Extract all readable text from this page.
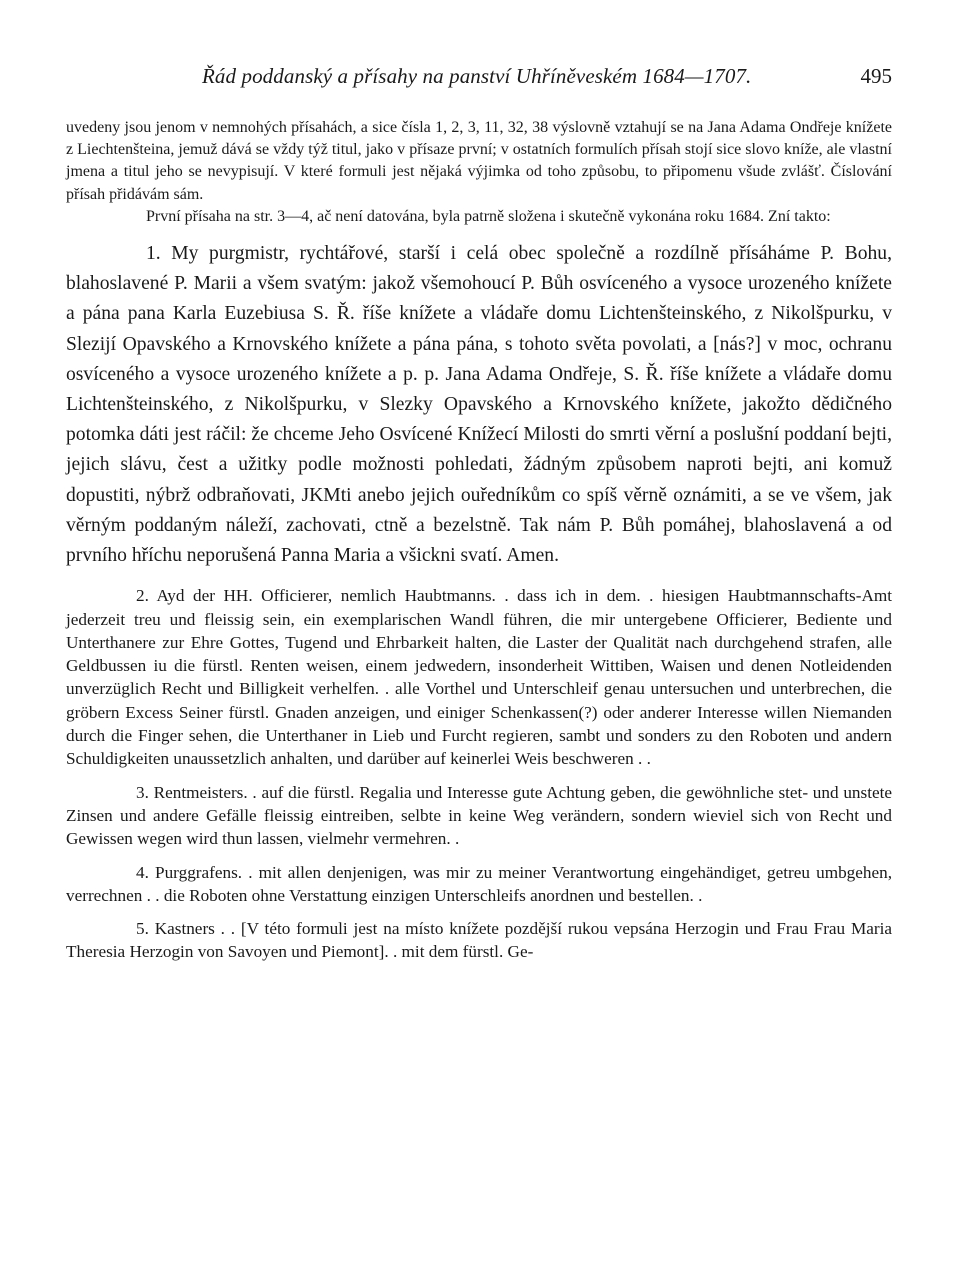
Řád poddanský a přísahy na panství Uhříněveském 1684—1707.	495

uvedeny jsou jenom v nemnohých přísahách, a sice čísla 1, 2, 3, 11, 32, 38 výslovně vztahují se na Jana Adama Ondřeje knížete z Liechtenšteina, jemuž dává se vždy týž titul, jako v přísaze první; v ostatních formulích přísah stojí sice slovo kníže, ale vlastní jmena a titul jeho se nevypisují. V které formuli jest nějaká výjimka od toho způsobu, to připomenu všude zvlášť. Číslování přísah přidávám sám.

První přísaha na str. 3—4, ač není datována, byla patrně složena i skutečně vykonána roku 1684. Zní takto:

1. My purgmistr, rychtářové, starší i celá obec společně a rozdílně přísáháme P. Bohu, blahoslavené P. Marii a všem svatým: jakož všemohoucí P. Bůh osvíceného a vysoce urozeného knížete a pána pana Karla Euzebiusa S. Ř. říše knížete a vládaře domu Lichtenšteinského, z Nikolšpurku, v Slezijí Opavského a Krnovského knížete a pána pána, s tohoto světa povolati, a [nás?] v moc, ochranu osvíceného a vysoce urozeného knížete a p. p. Jana Adama Ondřeje, S. Ř. říše knížete a vládaře domu Lichtenšteinského, z Nikolšpurku, v Slezky Opavského a Krnovského knížete, jakožto dědičného potomka dáti jest ráčil: že chceme Jeho Osvícené Knížecí Milosti do smrti věrní a poslušní poddaní bejti, jejich slávu, čest a užitky podle možnosti pohledati, žádným způsobem naproti bejti, ani komuž dopustiti, nýbrž odbraňovati, JKMti anebo jejich ouředníkům co spíš věrně oznámiti, a se ve všem, jak věrným poddaným náleží, zachovati, ctně a bezelstně. Tak nám P. Bůh pomáhej, blahoslavená a od prvního hříchu neporušená Panna Maria a všickni svatí. Amen.

2. Ayd der HH. Officierer, nemlich Haubtmanns. . dass ich in dem. . hiesigen Haubtmannschafts-Amt jederzeit treu und fleissig sein, ein exemplarischen Wandl führen, die mir untergebene Officierer, Bediente und Unterthanere zur Ehre Gottes, Tugend und Ehrbarkeit halten, die Laster der Qualität nach durchgehend strafen, alle Geldbussen iu die fürstl. Renten weisen, einem jedwedern, insonderheit Wittiben, Waisen und denen Notleidenden unverzüglich Recht und Billigkeit verhelfen. . alle Vorthel und Unterschleif genau untersuchen und unterbrechen, die gröbern Excess Seiner fürstl. Gnaden anzeigen, und einiger Schenkassen(?) oder anderer Interesse willen Niemanden durch die Finger sehen, die Unterthaner in Lieb und Furcht regieren, sambt und sonders zu den Roboten und andern Schuldigkeiten unaussetzlich anhalten, und darüber auf keinerlei Weis beschweren . .

3. Rentmeisters. . auf die fürstl. Regalia und Interesse gute Achtung geben, die gewöhnliche stet- und unstete Zinsen und andere Gefälle fleissig eintreiben, selbte in keine Weg verändern, sondern wieviel sich von Recht und Gewissen wegen wird thun lassen, vielmehr vermehren. .

4. Purggrafens. . mit allen denjenigen, was mir zu meiner Verantwortung eingehändiget, getreu umbgehen, verrechnen . . die Roboten ohne Verstattung einzigen Unterschleifs anordnen und bestellen. .

5. Kastners . . [V této formuli jest na místo knížete pozdější rukou vepsána Herzogin und Frau Frau Maria Theresia Herzogin von Savoyen und Piemont]. . mit dem fürstl. Ge-
